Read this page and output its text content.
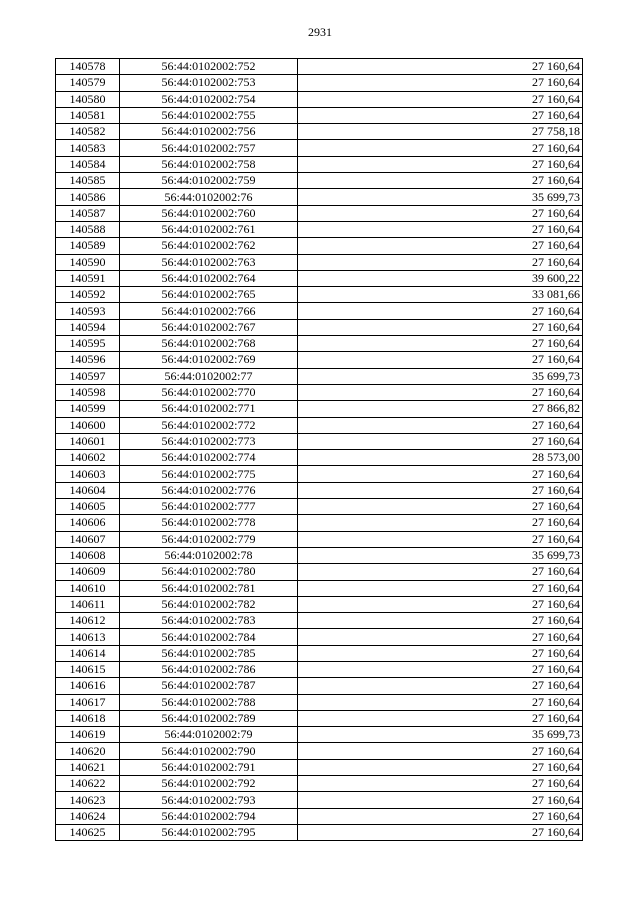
2931
140578	56:44:0102002:752	27 160,64
140579	56:44:0102002:753	27 160,64
140580	56:44:0102002:754	27 160,64
140581	56:44:0102002:755	27 160,64
140582	56:44:0102002:756	27 758,18
140583	56:44:0102002:757	27 160,64
140584	56:44:0102002:758	27 160,64
140585	56:44:0102002:759	27 160,64
140586	56:44:0102002:76	35 699,73
140587	56:44:0102002:760	27 160,64
140588	56:44:0102002:761	27 160,64
140589	56:44:0102002:762	27 160,64
140590	56:44:0102002:763	27 160,64
140591	56:44:0102002:764	39 600,22
140592	56:44:0102002:765	33 081,66
140593	56:44:0102002:766	27 160,64
140594	56:44:0102002:767	27 160,64
140595	56:44:0102002:768	27 160,64
140596	56:44:0102002:769	27 160,64
140597	56:44:0102002:77	35 699,73
140598	56:44:0102002:770	27 160,64
140599	56:44:0102002:771	27 866,82
140600	56:44:0102002:772	27 160,64
140601	56:44:0102002:773	27 160,64
140602	56:44:0102002:774	28 573,00
140603	56:44:0102002:775	27 160,64
140604	56:44:0102002:776	27 160,64
140605	56:44:0102002:777	27 160,64
140606	56:44:0102002:778	27 160,64
140607	56:44:0102002:779	27 160,64
140608	56:44:0102002:78	35 699,73
140609	56:44:0102002:780	27 160,64
140610	56:44:0102002:781	27 160,64
140611	56:44:0102002:782	27 160,64
140612	56:44:0102002:783	27 160,64
140613	56:44:0102002:784	27 160,64
140614	56:44:0102002:785	27 160,64
140615	56:44:0102002:786	27 160,64
140616	56:44:0102002:787	27 160,64
140617	56:44:0102002:788	27 160,64
140618	56:44:0102002:789	27 160,64
140619	56:44:0102002:79	35 699,73
140620	56:44:0102002:790	27 160,64
140621	56:44:0102002:791	27 160,64
140622	56:44:0102002:792	27 160,64
140623	56:44:0102002:793	27 160,64
140624	56:44:0102002:794	27 160,64
140625	56:44:0102002:795	27 160,64
